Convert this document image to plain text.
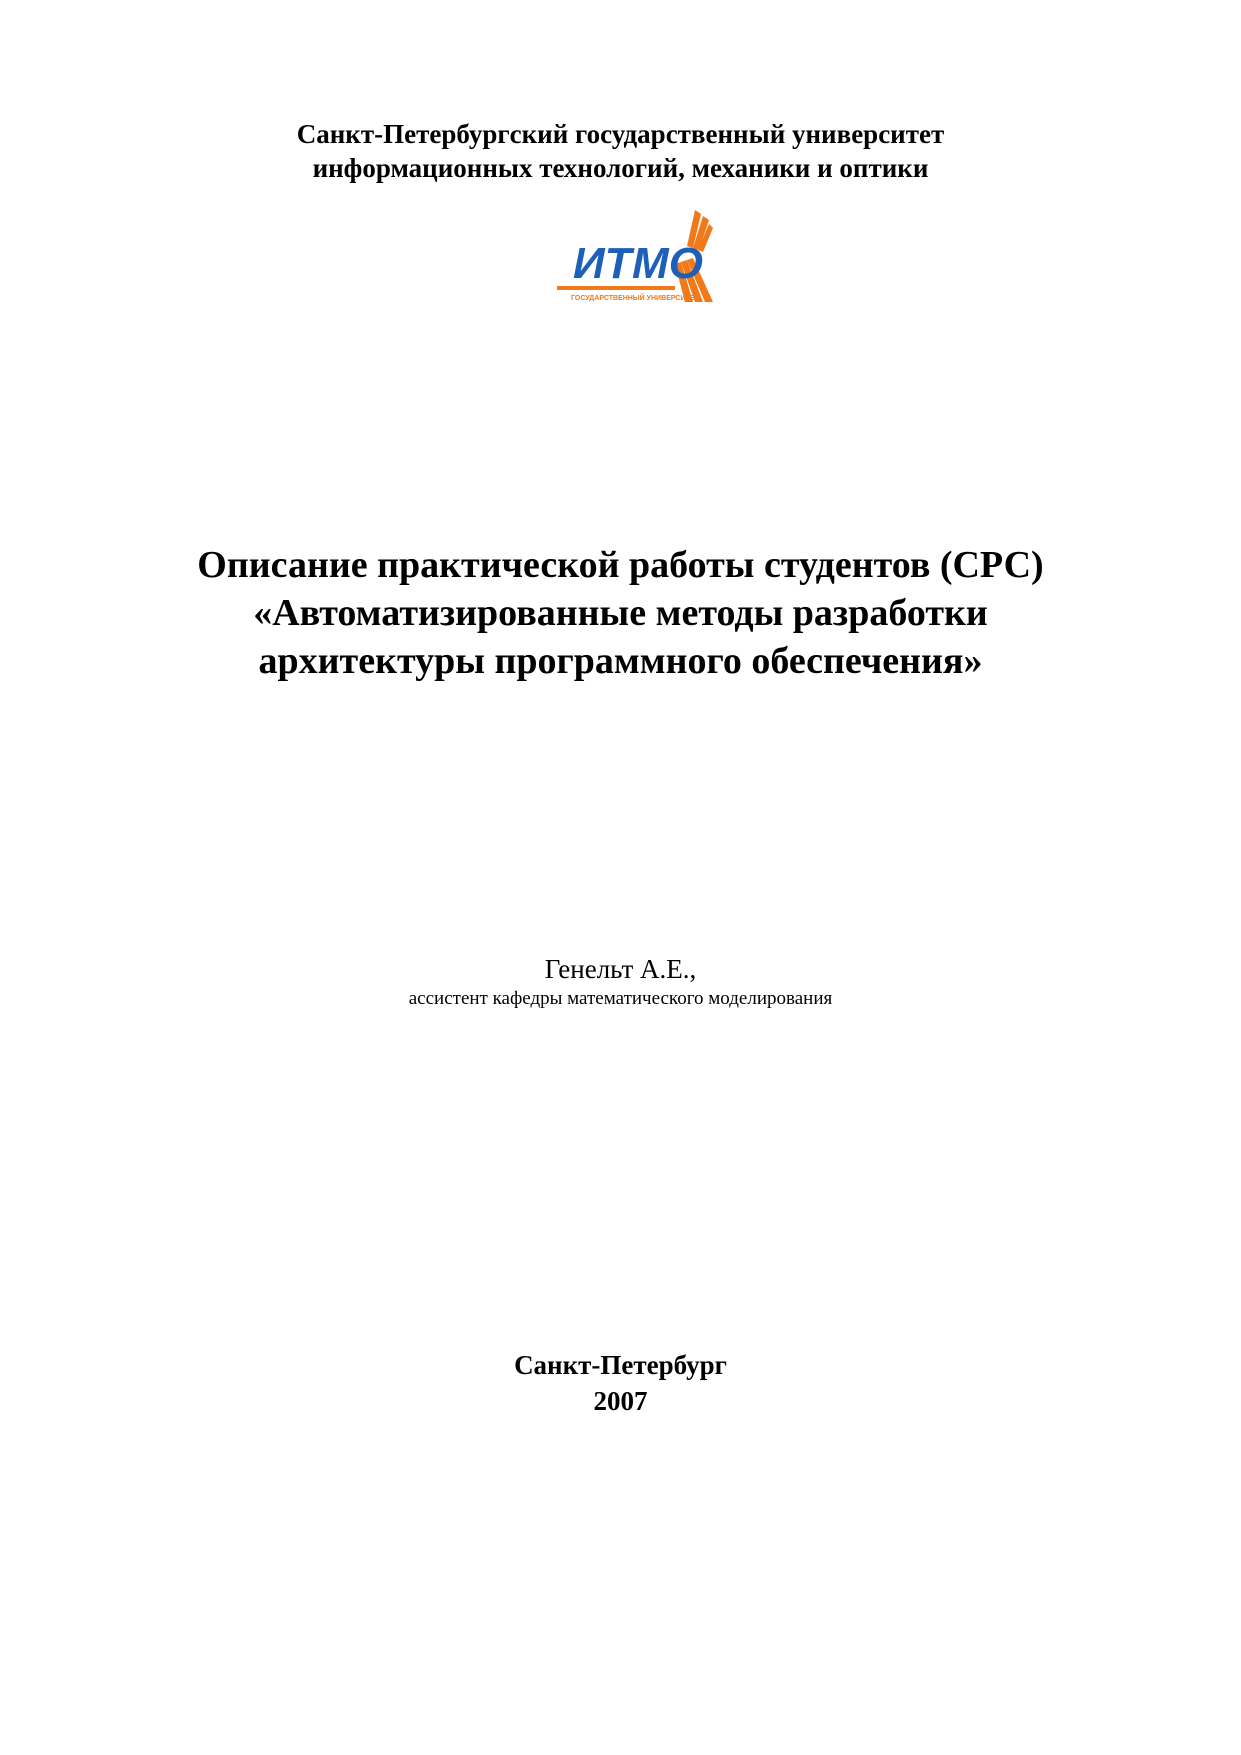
Санкт-Петербургский государственный университет
информационных технологий, механики и оптики
ИТМО
ГОСУДАРСТВЕННЫЙ УНИВЕРСИТЕТ
Описание практической работы студентов (СРС)
«Автоматизированные методы разработки
архитектуры программного обеспечения»
Генельт А.Е.,
ассистент кафедры математического моделирования
Санкт-Петербург
2007
